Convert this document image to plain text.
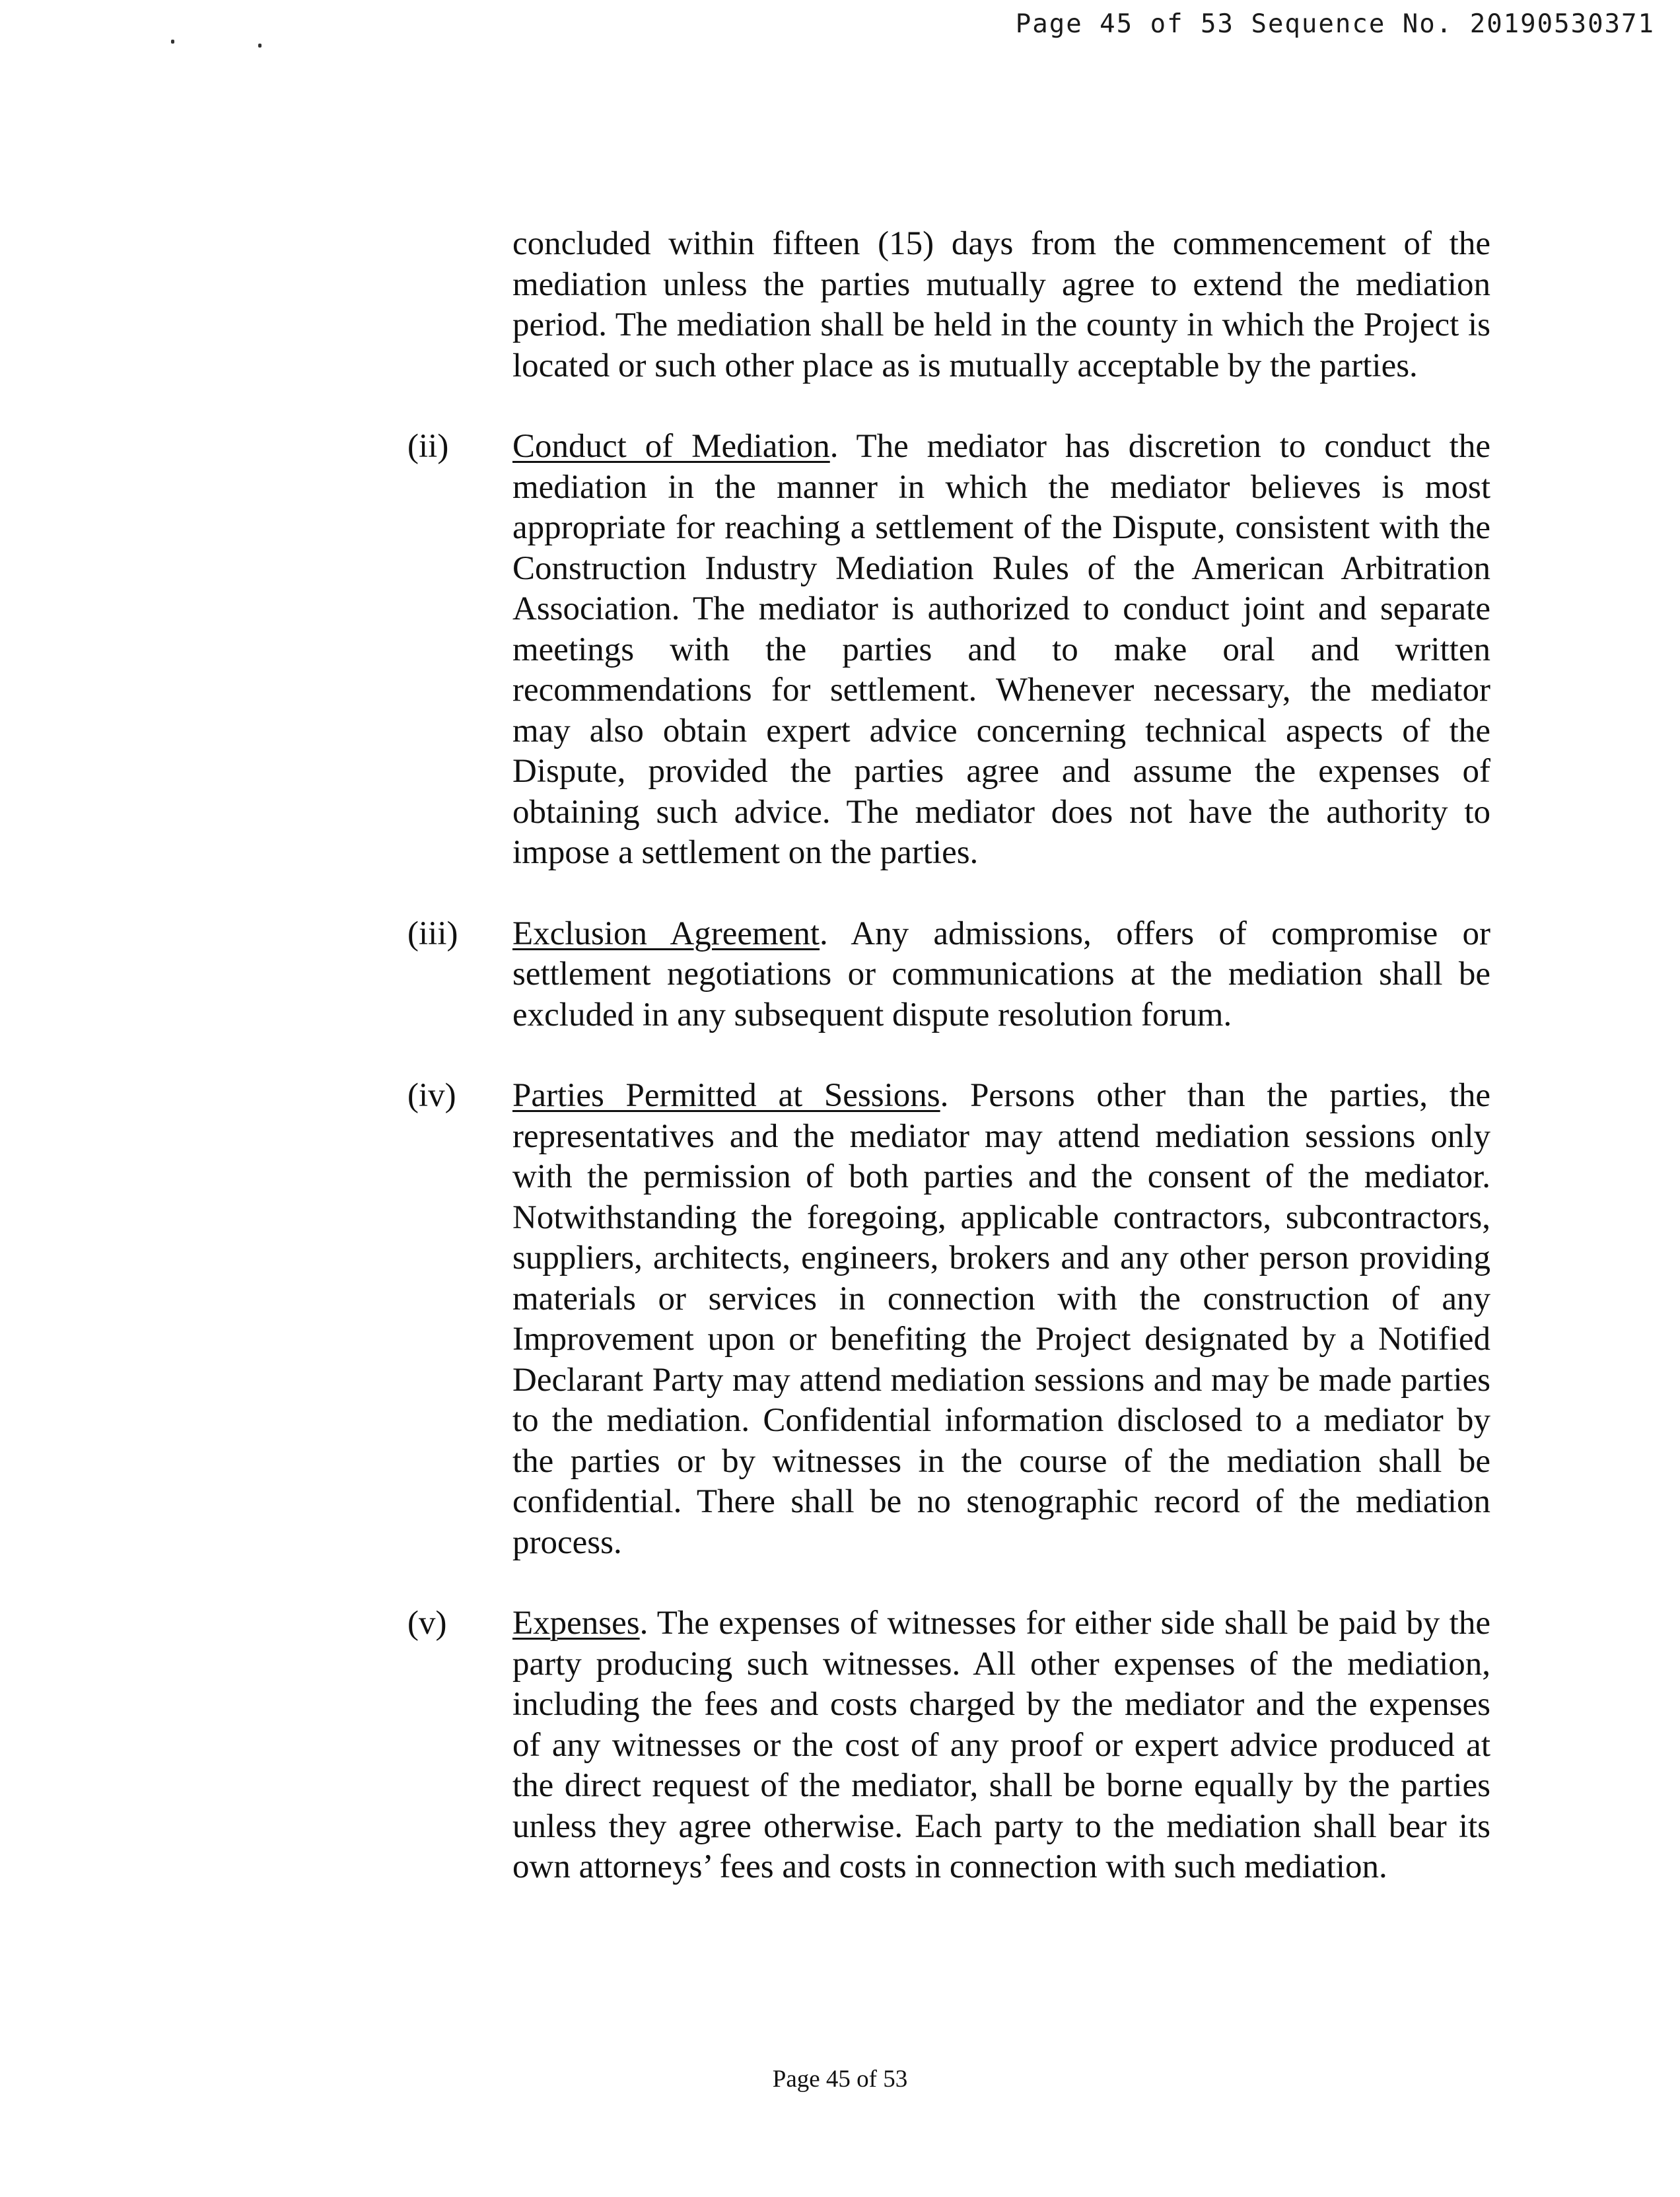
Page 45 of 53 Sequence No. 20190530371
concluded within fifteen (15) days from the commencement of the mediation unless the parties mutually agree to extend the mediation period. The mediation shall be held in the county in which the Project is located or such other place as is mutually acceptable by the parties.
(ii)	Conduct of Mediation. The mediator has discretion to conduct the mediation in the manner in which the mediator believes is most appropriate for reaching a settlement of the Dispute, consistent with the Construction Industry Mediation Rules of the American Arbitration Association. The mediator is authorized to conduct joint and separate meetings with the parties and to make oral and written recommendations for settlement. Whenever necessary, the mediator may also obtain expert advice concerning technical aspects of the Dispute, provided the parties agree and assume the expenses of obtaining such advice. The mediator does not have the authority to impose a settlement on the parties.
(iii)	Exclusion Agreement. Any admissions, offers of compromise or settlement negotiations or communications at the mediation shall be excluded in any subsequent dispute resolution forum.
(iv)	Parties Permitted at Sessions. Persons other than the parties, the representatives and the mediator may attend mediation sessions only with the permission of both parties and the consent of the mediator. Notwithstanding the foregoing, applicable contractors, subcontractors, suppliers, architects, engineers, brokers and any other person providing materials or services in connection with the construction of any Improvement upon or benefiting the Project designated by a Notified Declarant Party may attend mediation sessions and may be made parties to the mediation. Confidential information disclosed to a mediator by the parties or by witnesses in the course of the mediation shall be confidential. There shall be no stenographic record of the mediation process.
(v)	Expenses. The expenses of witnesses for either side shall be paid by the party producing such witnesses. All other expenses of the mediation, including the fees and costs charged by the mediator and the expenses of any witnesses or the cost of any proof or expert advice produced at the direct request of the mediator, shall be borne equally by the parties unless they agree otherwise. Each party to the mediation shall bear its own attorneys’ fees and costs in connection with such mediation.
Page 45 of 53
